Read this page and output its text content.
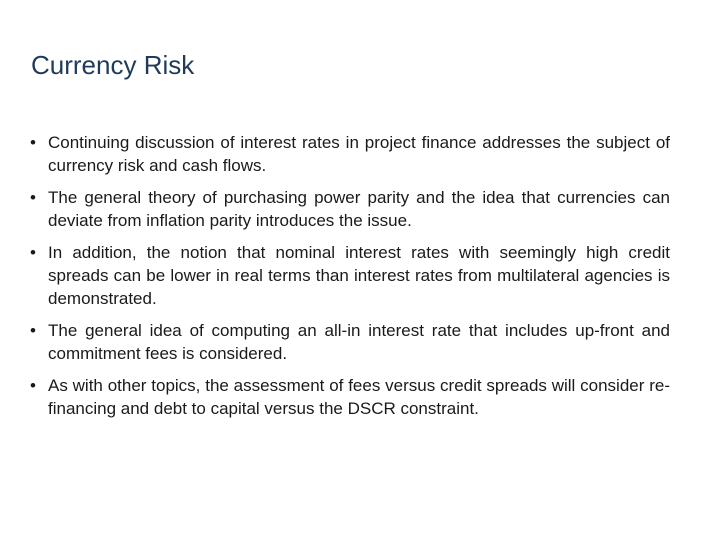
Currency Risk
• Continuing discussion of interest rates in project finance addresses the subject of currency risk and cash flows.
• The general theory of purchasing power parity and the idea that currencies can deviate from inflation parity introduces the issue.
• In addition, the notion that nominal interest rates with seemingly high credit spreads can be lower in real terms than interest rates from multilateral agencies is demonstrated.
• The general idea of computing an all-in interest rate that includes up-front and commitment fees is considered.
• As with other topics, the assessment of fees versus credit spreads will consider re-financing and debt to capital versus the DSCR constraint.
